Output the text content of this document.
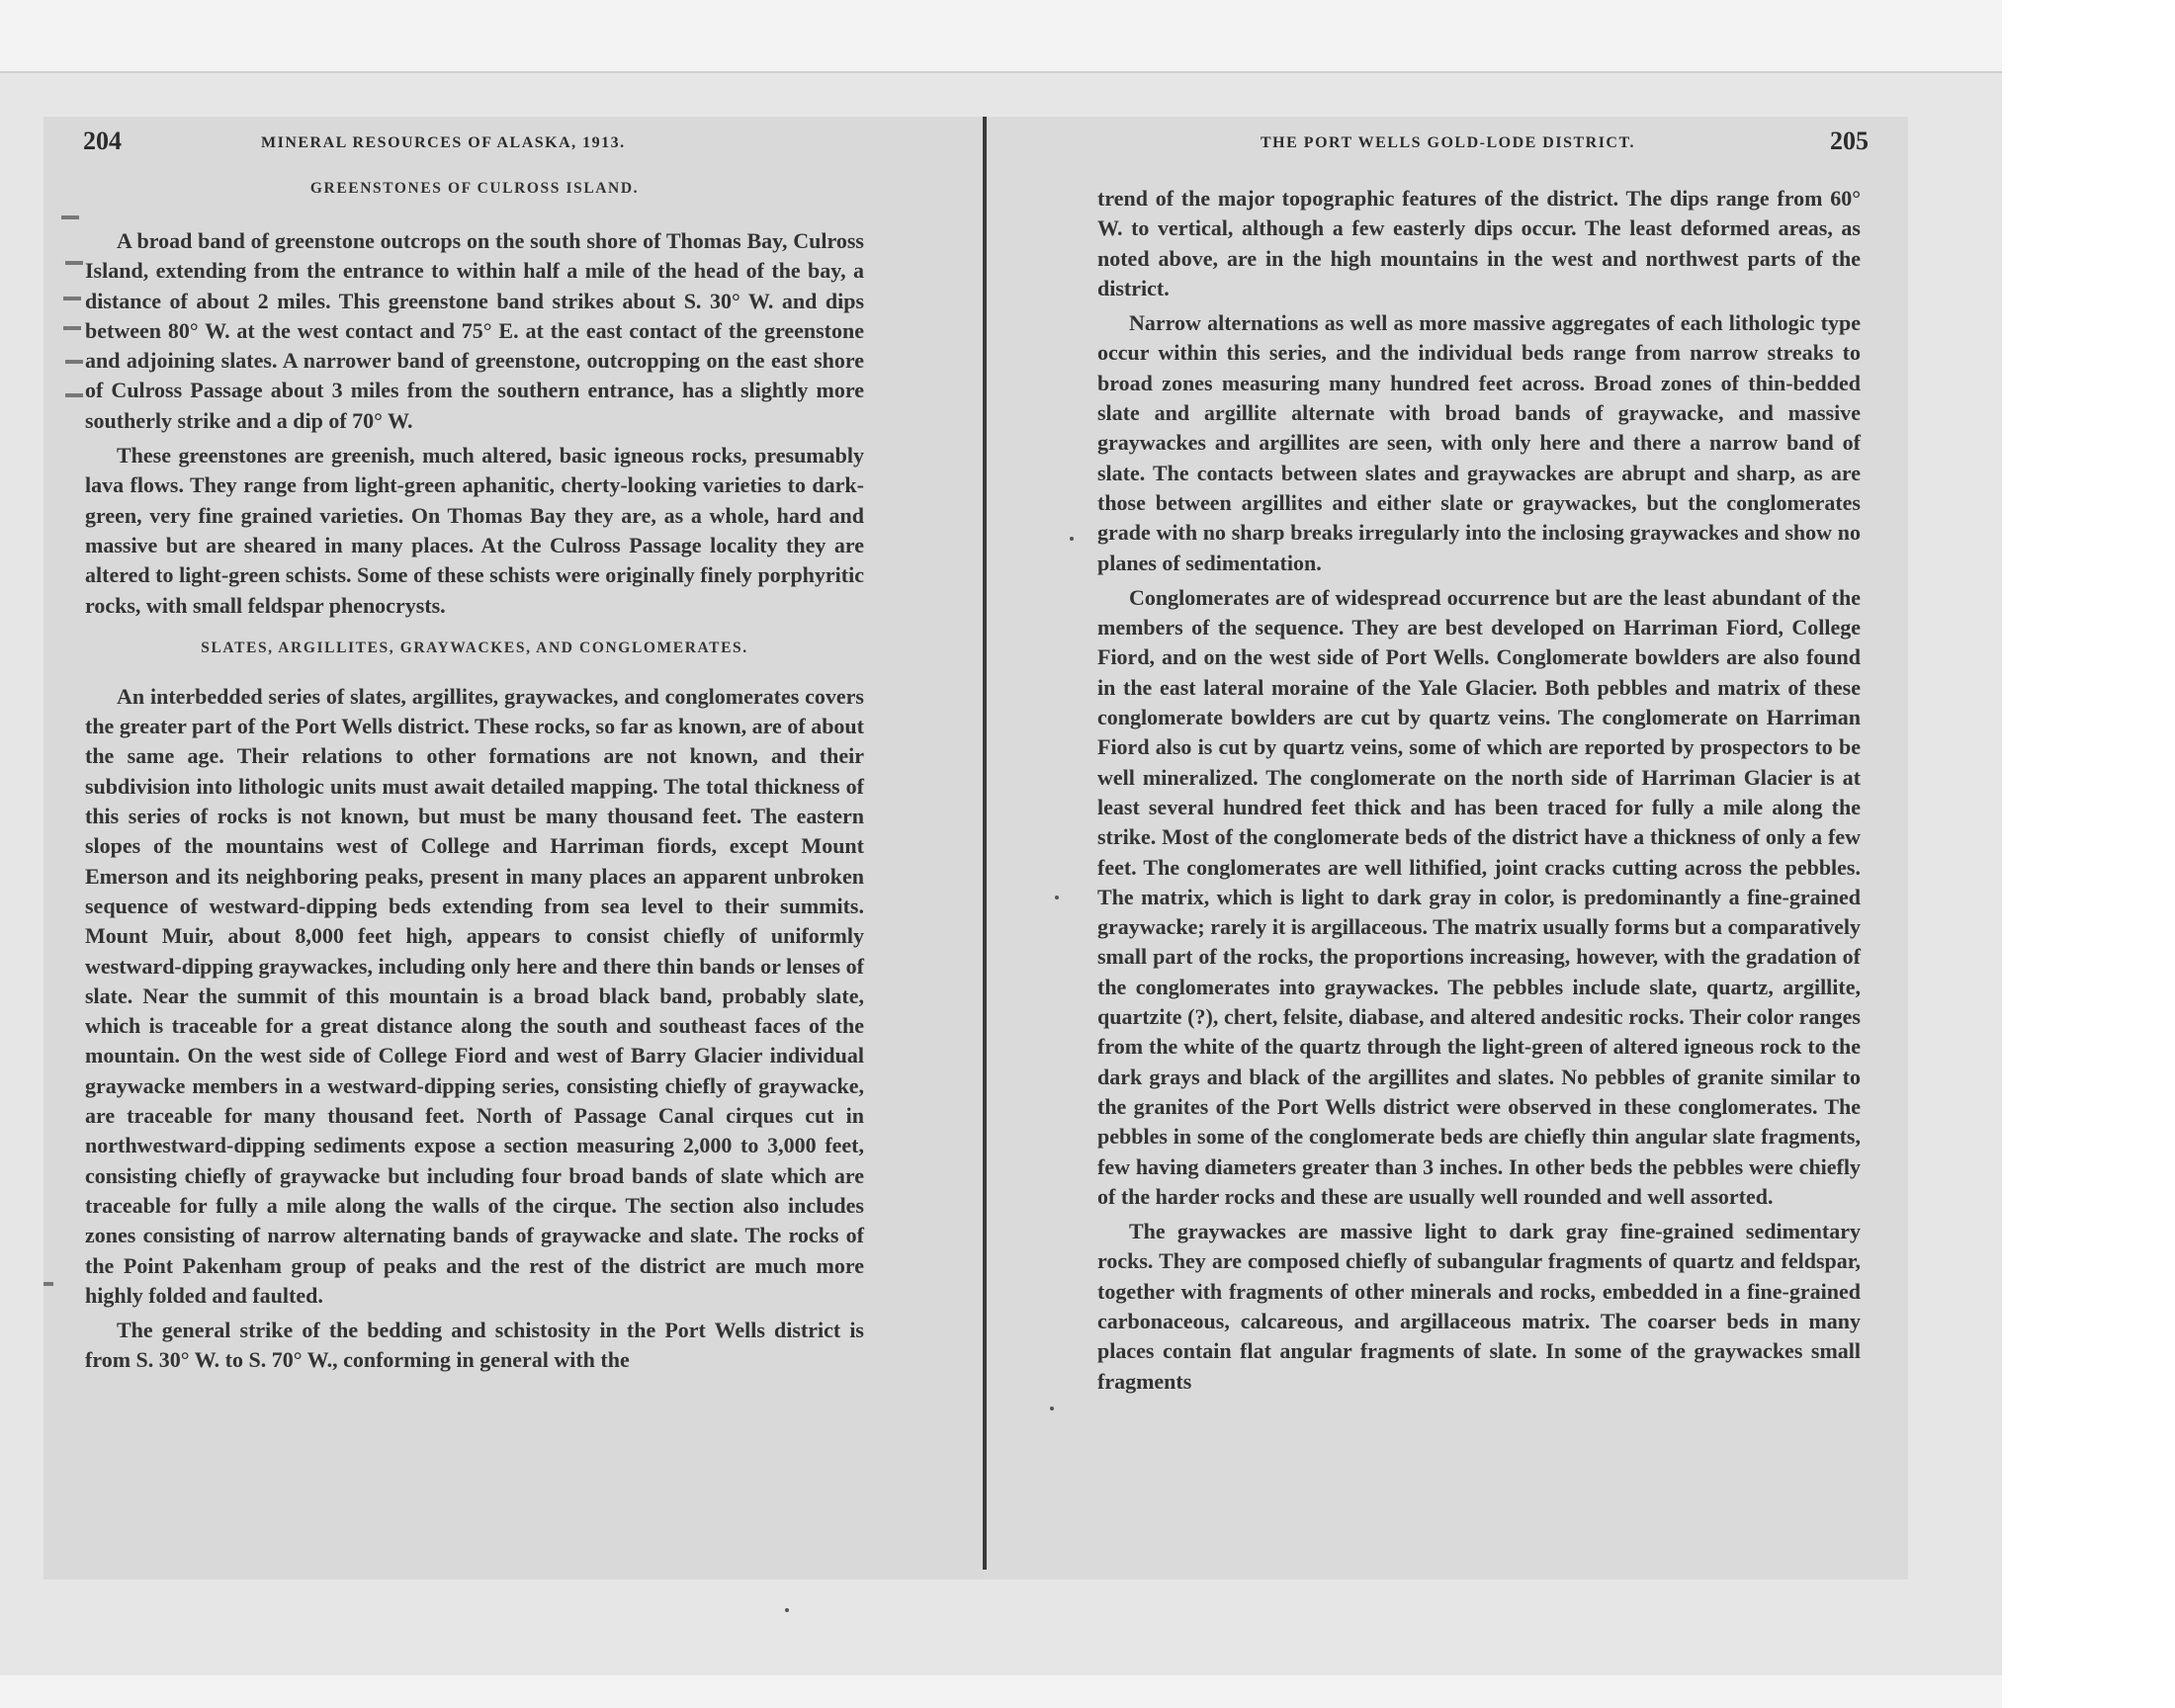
204	MINERAL RESOURCES OF ALASKA, 1913.	THE PORT WELLS GOLD-LODE DISTRICT.	205
GREENSTONES OF CULROSS ISLAND.

A broad band of greenstone outcrops on the south shore of Thomas Bay, Culross Island, extending from the entrance to within half a mile of the head of the bay, a distance of about 2 miles. This greenstone band strikes about S. 30° W. and dips between 80° W. at the west contact and 75° E. at the east contact of the greenstone and adjoining slates. A narrower band of greenstone, outcropping on the east shore of Culross Passage about 3 miles from the southern entrance, has a slightly more southerly strike and a dip of 70° W.

These greenstones are greenish, much altered, basic igneous rocks, presumably lava flows. They range from light-green aphanitic, cherty-looking varieties to dark-green, very fine grained varieties. On Thomas Bay they are, as a whole, hard and massive but are sheared in many places. At the Culross Passage locality they are altered to light-green schists. Some of these schists were originally finely porphyritic rocks, with small feldspar phenocrysts.

SLATES, ARGILLITES, GRAYWACKES, AND CONGLOMERATES.

An interbedded series of slates, argillites, graywackes, and conglomerates covers the greater part of the Port Wells district. These rocks, so far as known, are of about the same age. Their relations to other formations are not known, and their subdivision into lithologic units must await detailed mapping. The total thickness of this series of rocks is not known, but must be many thousand feet. The eastern slopes of the mountains west of College and Harriman fiords, except Mount Emerson and its neighboring peaks, present in many places an apparent unbroken sequence of westward-dipping beds extending from sea level to their summits. Mount Muir, about 8,000 feet high, appears to consist chiefly of uniformly westward-dipping graywackes, including only here and there thin bands or lenses of slate. Near the summit of this mountain is a broad black band, probably slate, which is traceable for a great distance along the south and southeast faces of the mountain. On the west side of College Fiord and west of Barry Glacier individual graywacke members in a westward-dipping series, consisting chiefly of graywacke, are traceable for many thousand feet. North of Passage Canal cirques cut in northwestward-dipping sediments expose a section measuring 2,000 to 3,000 feet, consisting chiefly of graywacke but including four broad bands of slate which are traceable for fully a mile along the walls of the cirque. The section also includes zones consisting of narrow alternating bands of graywacke and slate. The rocks of the Point Pakenham group of peaks and the rest of the district are much more highly folded and faulted.

The general strike of the bedding and schistosity in the Port Wells district is from S. 30° W. to S. 70° W., conforming in general with the

trend of the major topographic features of the district. The dips range from 60° W. to vertical, although a few easterly dips occur. The least deformed areas, as noted above, are in the high mountains in the west and northwest parts of the district.

Narrow alternations as well as more massive aggregates of each lithologic type occur within this series, and the individual beds range from narrow streaks to broad zones measuring many hundred feet across. Broad zones of thin-bedded slate and argillite alternate with broad bands of graywacke, and massive graywackes and argillites are seen, with only here and there a narrow band of slate. The contacts between slates and graywackes are abrupt and sharp, as are those between argillites and either slate or graywackes, but the conglomerates grade with no sharp breaks irregularly into the inclosing graywackes and show no planes of sedimentation.

Conglomerates are of widespread occurrence but are the least abundant of the members of the sequence. They are best developed on Harriman Fiord, College Fiord, and on the west side of Port Wells. Conglomerate bowlders are also found in the east lateral moraine of the Yale Glacier. Both pebbles and matrix of these conglomerate bowlders are cut by quartz veins. The conglomerate on Harriman Fiord also is cut by quartz veins, some of which are reported by prospectors to be well mineralized. The conglomerate on the north side of Harriman Glacier is at least several hundred feet thick and has been traced for fully a mile along the strike. Most of the conglomerate beds of the district have a thickness of only a few feet. The conglomerates are well lithified, joint cracks cutting across the pebbles. The matrix, which is light to dark gray in color, is predominantly a fine-grained graywacke; rarely it is argillaceous. The matrix usually forms but a comparatively small part of the rocks, the proportions increasing, however, with the gradation of the conglomerates into graywackes. The pebbles include slate, quartz, argillite, quartzite (?), chert, felsite, diabase, and altered andesitic rocks. Their color ranges from the white of the quartz through the light-green of altered igneous rock to the dark grays and black of the argillites and slates. No pebbles of granite similar to the granites of the Port Wells district were observed in these conglomerates. The pebbles in some of the conglomerate beds are chiefly thin angular slate fragments, few having diameters greater than 3 inches. In other beds the pebbles were chiefly of the harder rocks and these are usually well rounded and well assorted.

The graywackes are massive light to dark gray fine-grained sedimentary rocks. They are composed chiefly of subangular fragments of quartz and feldspar, together with fragments of other minerals and rocks, embedded in a fine-grained carbonaceous, calcareous, and argillaceous matrix. The coarser beds in many places contain flat angular fragments of slate. In some of the graywackes small fragments
